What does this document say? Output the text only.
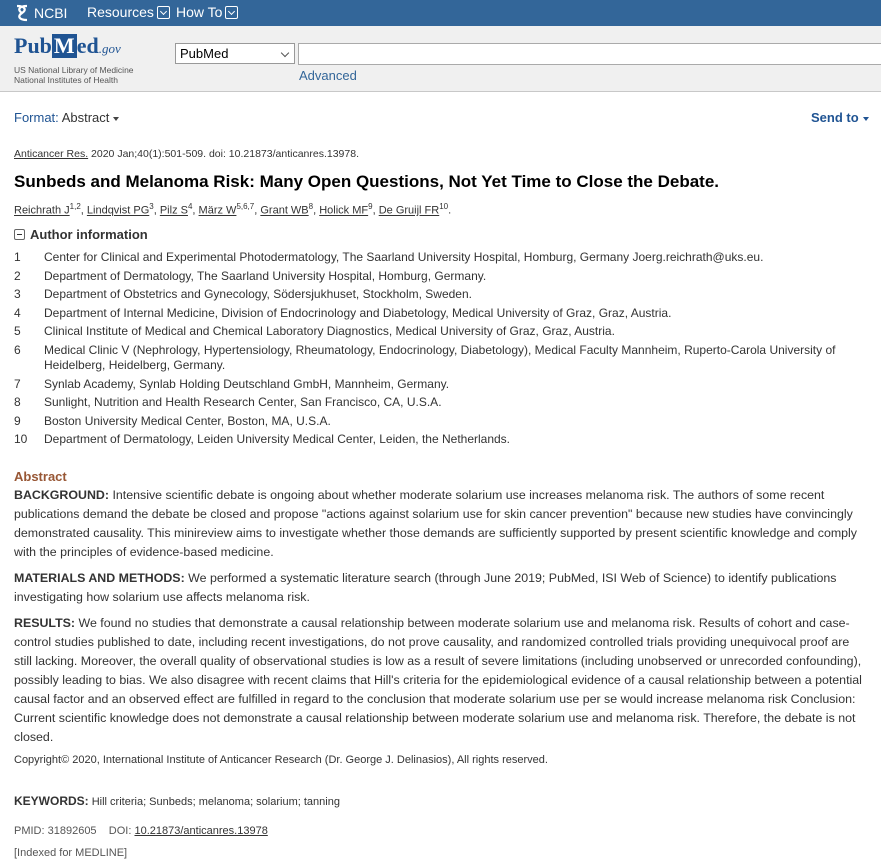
NCBI Resources How To
PubMed.gov
US National Library of Medicine
National Institutes of Health
PubMed
Advanced
Format: Abstract	Send to
Anticancer Res. 2020 Jan;40(1):501-509. doi: 10.21873/anticanres.13978.
Sunbeds and Melanoma Risk: Many Open Questions, Not Yet Time to Close the Debate.
Reichrath J$^{1,2}$, Lindqvist $PG^3$, Pilz $S^4$, März W$^{5,6,7}$, Grant $WB^8$, Holick $MF^9$, De Gruijl FR$^{10}$.
Author information
1	Center for Clinical and Experimental Photodermatology, The Saarland University Hospital, Homburg, Germany Joerg.reichrath@uks.eu.
2	Department of Dermatology, The Saarland University Hospital, Homburg, Germany.
3	Department of Obstetrics and Gynecology, Södersjukhuset, Stockholm, Sweden.
4	Department of Internal Medicine, Division of Endocrinology and Diabetology, Medical University of Graz, Graz, Austria.
5	Clinical Institute of Medical and Chemical Laboratory Diagnostics, Medical University of Graz, Graz, Austria.
6	Medical Clinic V (Nephrology, Hypertensiology, Rheumatology, Endocrinology, Diabetology), Medical Faculty Mannheim, Ruperto-Carola University of Heidelberg, Heidelberg, Germany.
7	Synlab Academy, Synlab Holding Deutschland GmbH, Mannheim, Germany.
8	Sunlight, Nutrition and Health Research Center, San Francisco, CA, U.S.A.
9	Boston University Medical Center, Boston, MA, U.S.A.
10	Department of Dermatology, Leiden University Medical Center, Leiden, the Netherlands.
Abstract

BACKGROUND: Intensive scientific debate is ongoing about whether moderate solarium use increases melanoma risk. The authors of some recent publications demand the debate be closed and propose "actions against solarium use for skin cancer prevention" because new studies have convincingly demonstrated causality. This minireview aims to investigate whether those demands are sufficiently supported by present scientific knowledge and comply with the principles of evidence-based medicine.

MATERIALS AND METHODS: We performed a systematic literature search (through June 2019; PubMed, ISI Web of Science) to identify publications investigating how solarium use affects melanoma risk.

RESULTS: We found no studies that demonstrate a causal relationship between moderate solarium use and melanoma risk. Results of cohort and case-control studies published to date, including recent investigations, do not prove causality, and randomized controlled trials providing unequivocal proof are still lacking. Moreover, the overall quality of observational studies is low as a result of severe limitations (including unobserved or unrecorded confounding), possibly leading to bias. We also disagree with recent claims that Hill's criteria for the epidemiological evidence of a causal relationship between a potential causal factor and an observed effect are fulfilled in regard to the conclusion that moderate solarium use per se would increase melanoma risk Conclusion: Current scientific knowledge does not demonstrate a causal relationship between moderate solarium use and melanoma risk. Therefore, the debate is not closed.

Copyright© 2020, International Institute of Anticancer Research (Dr. George J. Delinasios), All rights reserved.
KEYWORDS: Hill criteria; Sunbeds; melanoma; solarium; tanning
PMID: 31892605 DOI: 10.21873/anticanres.13978
[Indexed for MEDLINE]
